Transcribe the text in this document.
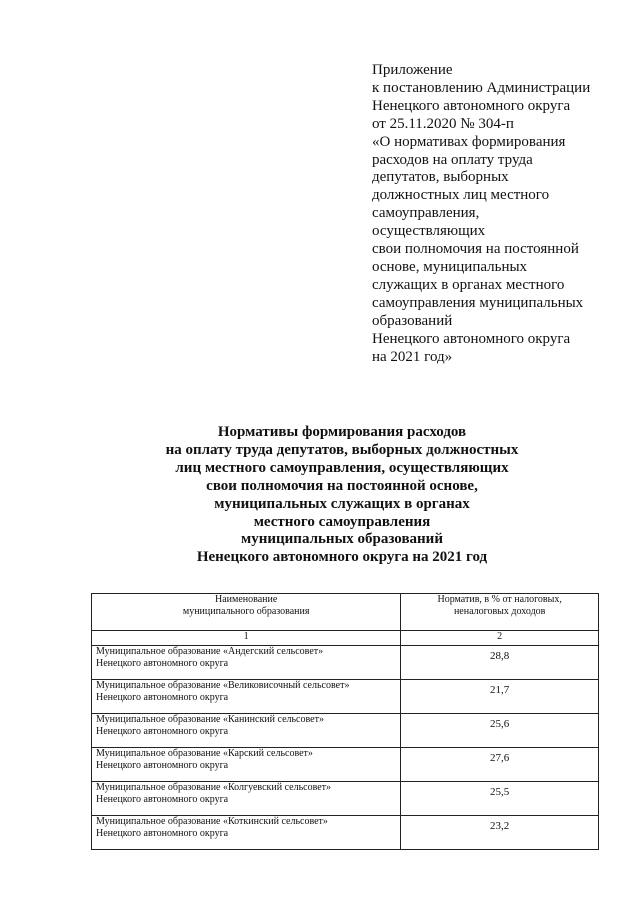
Приложение
к постановлению Администрации
Ненецкого автономного округа
от 25.11.2020 № 304-п
«О нормативах формирования
расходов на оплату труда
депутатов, выборных
должностных лиц местного
самоуправления,
осуществляющих
свои полномочия на постоянной
основе, муниципальных
служащих в органах местного
самоуправления муниципальных
образований
Ненецкого автономного округа
на 2021 год»
Нормативы формирования расходов
на оплату труда депутатов, выборных должностных
лиц местного самоуправления, осуществляющих
свои полномочия на постоянной основе,
муниципальных служащих в органах
местного самоуправления
муниципальных образований
Ненецкого автономного округа на 2021 год
Наименование
муниципального образования	Норматив, в % от налоговых,
неналоговых доходов

1	2

Муниципальное образование «Андегский сельсовет»
Ненецкого автономного округа	28,8

Муниципальное образование «Великовисочный сельсовет»
Ненецкого автономного округа	21,7

Муниципальное образование «Канинский сельсовет»
Ненецкого автономного округа	25,6

Муниципальное образование «Карский сельсовет»
Ненецкого автономного округа	27,6

Муниципальное образование «Колгуевский сельсовет»
Ненецкого автономного округа	25,5

Муниципальное образование «Коткинский сельсовет»
Ненецкого автономного округа	23,2
